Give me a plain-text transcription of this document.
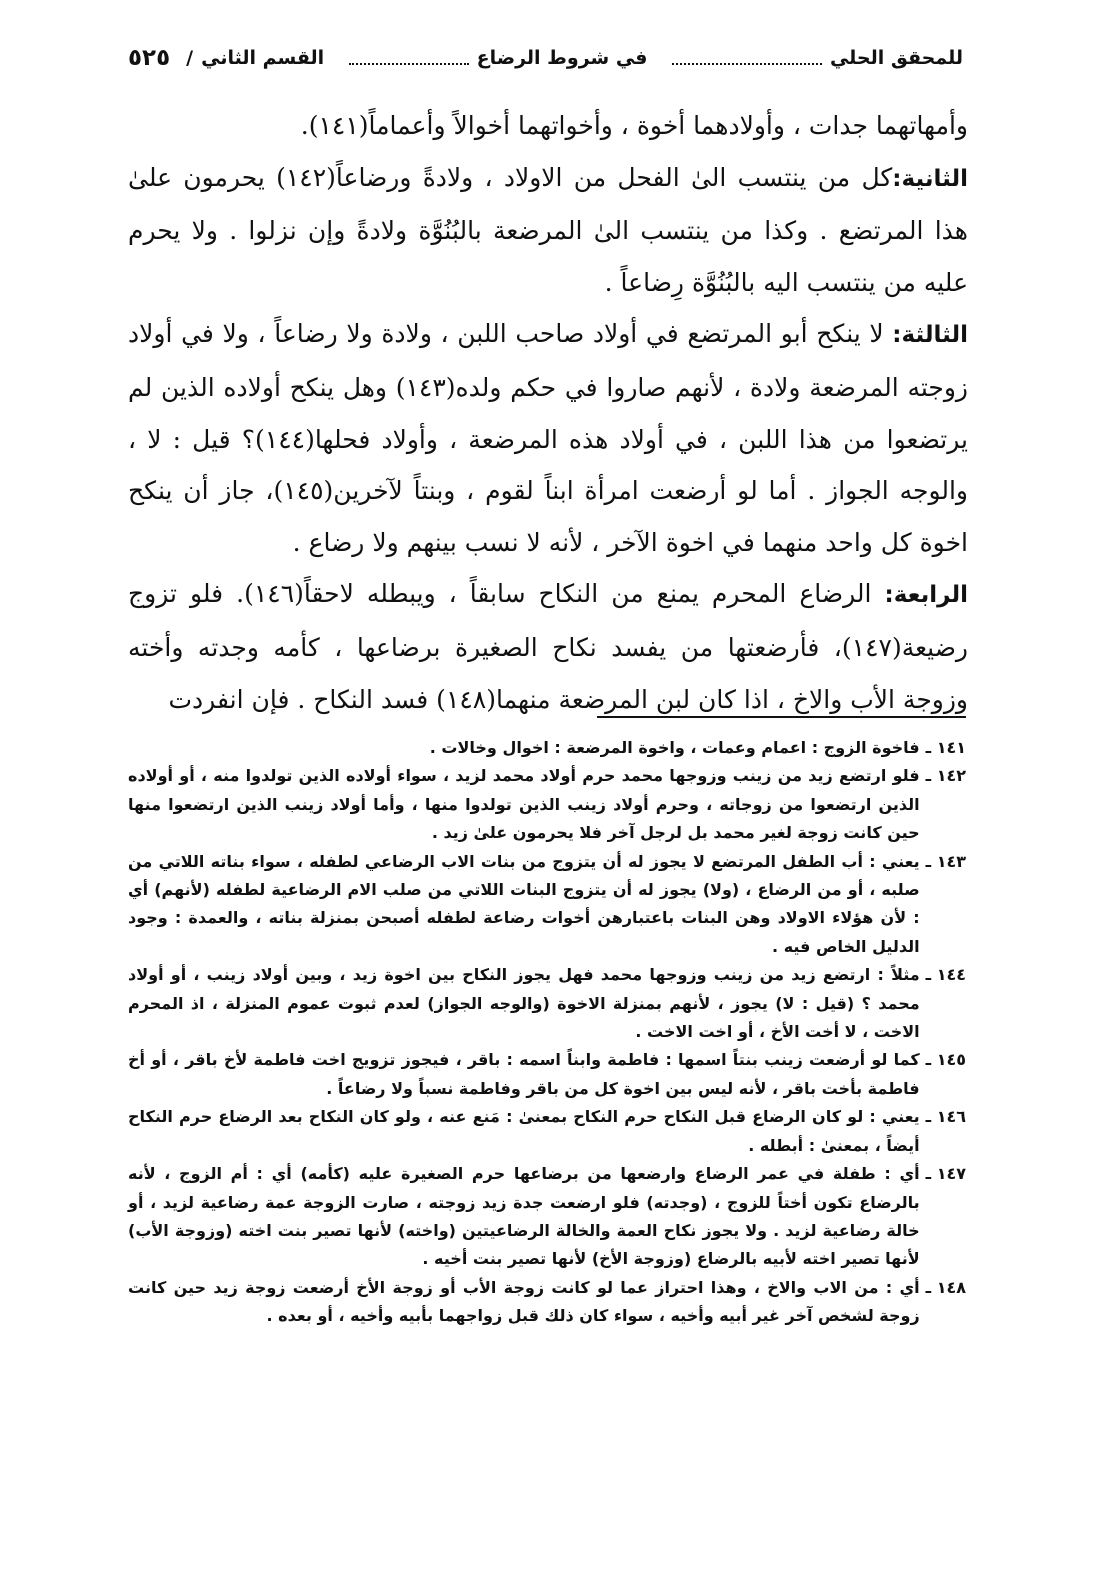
للمحقق الحلي
في شروط الرضاع
القسم الثاني
/
٥٢٥

وأمهاتهما جدات ، وأولادهما أخوة ، وأخواتهما أخوالاً وأعماماً(١٤١).

الثانية:كل من ينتسب الىٰ الفحل من الاولاد ، ولادةً ورضاعاً(١٤٢) يحرمون علىٰ هذا المرتضع . وكذا من ينتسب الىٰ المرضعة بالبُنُوَّة ولادةً وإن نزلوا . ولا يحرم عليه من ينتسب اليه بالبُنُوَّة رِضاعاً .

الثالثة: لا ينكح أبو المرتضع في أولاد صاحب اللبن ، ولادة ولا رضاعاً ، ولا في أولاد زوجته المرضعة ولادة ، لأنهم صاروا في حكم ولده(١٤٣) وهل ينكح أولاده الذين لم يرتضعوا من هذا اللبن ، في أولاد هذه المرضعة ، وأولاد فحلها(١٤٤)؟ قيل : لا ، والوجه الجواز . أما لو أرضعت امرأة ابناً لقوم ، وبنتاً لآخرين(١٤٥)، جاز أن ينكح اخوة كل واحد منهما في اخوة الآخر ، لأنه لا نسب بينهم ولا رضاع .

الرابعة: الرضاع المحرم يمنع من النكاح سابقاً ، ويبطله لاحقاً(١٤٦). فلو تزوج رضيعة(١٤٧)، فأرضعتها من يفسد نكاح الصغيرة برضاعها ، كأمه وجدته وأخته وزوجة الأب والاخ ، اذا كان لبن المرضعة منهما(١٤٨) فسد النكاح . فإن انفردت

١٤١ ـ
فاخوة الزوج : اعمام وعمات ، واخوة المرضعة : اخوال وخالات .
١٤٢ ـ
فلو ارتضع زيد من زينب وزوجها محمد حرم أولاد محمد لزيد ، سواء أولاده الذين تولدوا منه ، أو أولاده الذين ارتضعوا من زوجاته ، وحرم أولاد زينب الذين تولدوا منها ، وأما أولاد زينب الذين ارتضعوا منها حين كانت زوجة لغير محمد بل لرجل آخر فلا يحرمون علىٰ زيد .
١٤٣ ـ
يعني : أب الطفل المرتضع لا يجوز له أن يتزوج من بنات الاب الرضاعي لطفله ، سواء بناته اللاتي من صلبه ، أو من الرضاع ، (ولا) يجوز له أن يتزوج البنات اللاتي من صلب الام الرضاعية لطفله (لأنهم) أي : لأن هؤلاء الاولاد وهن البنات باعتبارهن أخوات رضاعة لطفله أصبحن بمنزلة بناته ، والعمدة : وجود الدليل الخاص فيه .
١٤٤ ـ
مثلاً : ارتضع زيد من زينب وزوجها محمد فهل يجوز النكاح بين اخوة زيد ، وبين أولاد زينب ، أو أولاد محمد ؟ (قيل : لا) يجوز ، لأنهم بمنزلة الاخوة (والوجه الجواز) لعدم ثبوت عموم المنزلة ، اذ المحرم الاخت ، لا أخت الأخ ، أو اخت الاخت .
١٤٥ ـ
كما لو أرضعت زينب بنتاً اسمها : فاطمة وابناً اسمه : باقر ، فيجوز تزويج اخت فاطمة لأخ باقر ، أو أخ فاطمة بأخت باقر ، لأنه ليس بين اخوة كل من باقر وفاطمة نسباً ولا رضاعاً .
١٤٦ ـ
يعني : لو كان الرضاع قبل النكاح حرم النكاح بمعنىٰ : مَنع عنه ، ولو كان النكاح بعد الرضاع حرم النكاح أيضاً ، بمعنىٰ : أبطله .
١٤٧ ـ
أي : طفلة في عمر الرضاع وارضعها من برضاعها حرم الصغيرة عليه (كأمه) أي : أم الزوج ، لأنه بالرضاع تكون أختاً للزوج ، (وجدته) فلو ارضعت جدة زيد زوجته ، صارت الزوجة عمة رضاعية لزيد ، أو خالة رضاعية لزيد . ولا يجوز نكاح العمة والخالة الرضاعيتين (واخته) لأنها تصير بنت اخته (وزوجة الأب) لأنها تصير اخته لأبيه بالرضاع (وزوجة الأخ) لأنها تصير بنت أخيه .
١٤٨ ـ
أي : من الاب والاخ ، وهذا احتراز عما لو كانت زوجة الأب أو زوجة الأخ أرضعت زوجة زيد حين كانت زوجة لشخص آخر غير أبيه وأخيه ، سواء كان ذلك قبل زواجهما بأبيه وأخيه ، أو بعده .
